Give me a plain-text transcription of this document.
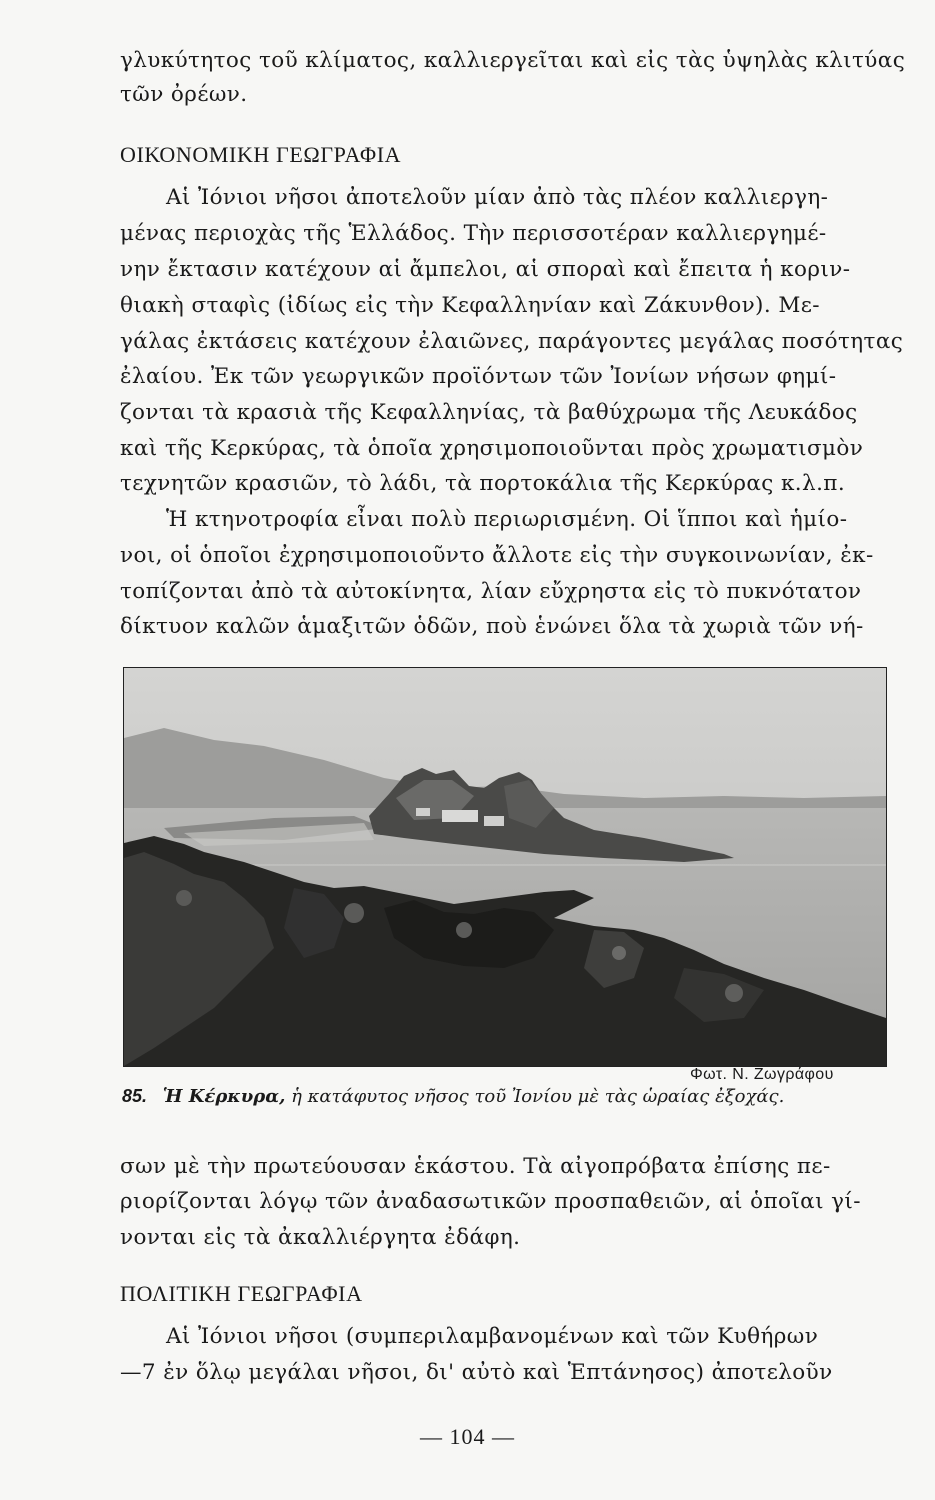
γλυκύτητος τοῦ κλίματος, καλλιεργεῖται καὶ εἰς τὰς ὑψηλὰς κλιτύας
τῶν ὀρέων.
ΟΙΚΟΝΟΜΙΚΗ ΓΕΩΓΡΑΦΙΑ
Αἱ Ἰόνιοι νῆσοι ἀποτελοῦν μίαν ἀπὸ τὰς πλέον καλλιεργη-
μένας περιοχὰς τῆς Ἑλλάδος. Τὴν περισσοτέραν καλλιεργημέ-
νην ἔκτασιν κατέχουν αἱ ἄμπελοι, αἱ σποραὶ καὶ ἔπειτα ἡ κοριν-
θιακὴ σταφὶς (ἰδίως εἰς τὴν Κεφαλληνίαν καὶ Ζάκυνθον). Με-
γάλας ἐκτάσεις κατέχουν ἐλαιῶνες, παράγοντες μεγάλας ποσότητας
ἐλαίου. Ἐκ τῶν γεωργικῶν προϊόντων τῶν Ἰονίων νήσων φημί-
ζονται τὰ κρασιὰ τῆς Κεφαλληνίας, τὰ βαθύχρωμα τῆς Λευκάδος
καὶ τῆς Κερκύρας, τὰ ὁποῖα χρησιμοποιοῦνται πρὸς χρωματισμὸν
τεχνητῶν κρασιῶν, τὸ λάδι, τὰ πορτοκάλια τῆς Κερκύρας κ.λ.π.
Ἡ κτηνοτροφία εἶναι πολὺ περιωρισμένη. Οἱ ἵπποι καὶ ἡμίο-
νοι, οἱ ὁποῖοι ἐχρησιμοποιοῦντο ἄλλοτε εἰς τὴν συγκοινωνίαν, ἐκ-
τοπίζονται ἀπὸ τὰ αὐτοκίνητα, λίαν εὔχρηστα εἰς τὸ πυκνότατον
δίκτυον καλῶν ἁμαξιτῶν ὁδῶν, ποὺ ἑνώνει ὅλα τὰ χωριὰ τῶν νή-
Φωτ. Ν. Ζωγράφου
85. Ἡ Κέρκυρα, ἡ κατάφυτος νῆσος τοῦ Ἰονίου μὲ τὰς ὡραίας ἐξοχάς.
σων μὲ τὴν πρωτεύουσαν ἑκάστου. Τὰ αἰγοπρόβατα ἐπίσης πε-
ριορίζονται λόγῳ τῶν ἀναδασωτικῶν προσπαθειῶν, αἱ ὁποῖαι γί-
νονται εἰς τὰ ἀκαλλιέργητα ἐδάφη.
ΠΟΛΙΤΙΚΗ ΓΕΩΓΡΑΦΙΑ
Αἱ Ἰόνιοι νῆσοι (συμπεριλαμβανομένων καὶ τῶν Κυθήρων
—7 ἐν ὅλῳ μεγάλαι νῆσοι, δι' αὐτὸ καὶ Ἑπτάνησος) ἀποτελοῦν
— 104 —
